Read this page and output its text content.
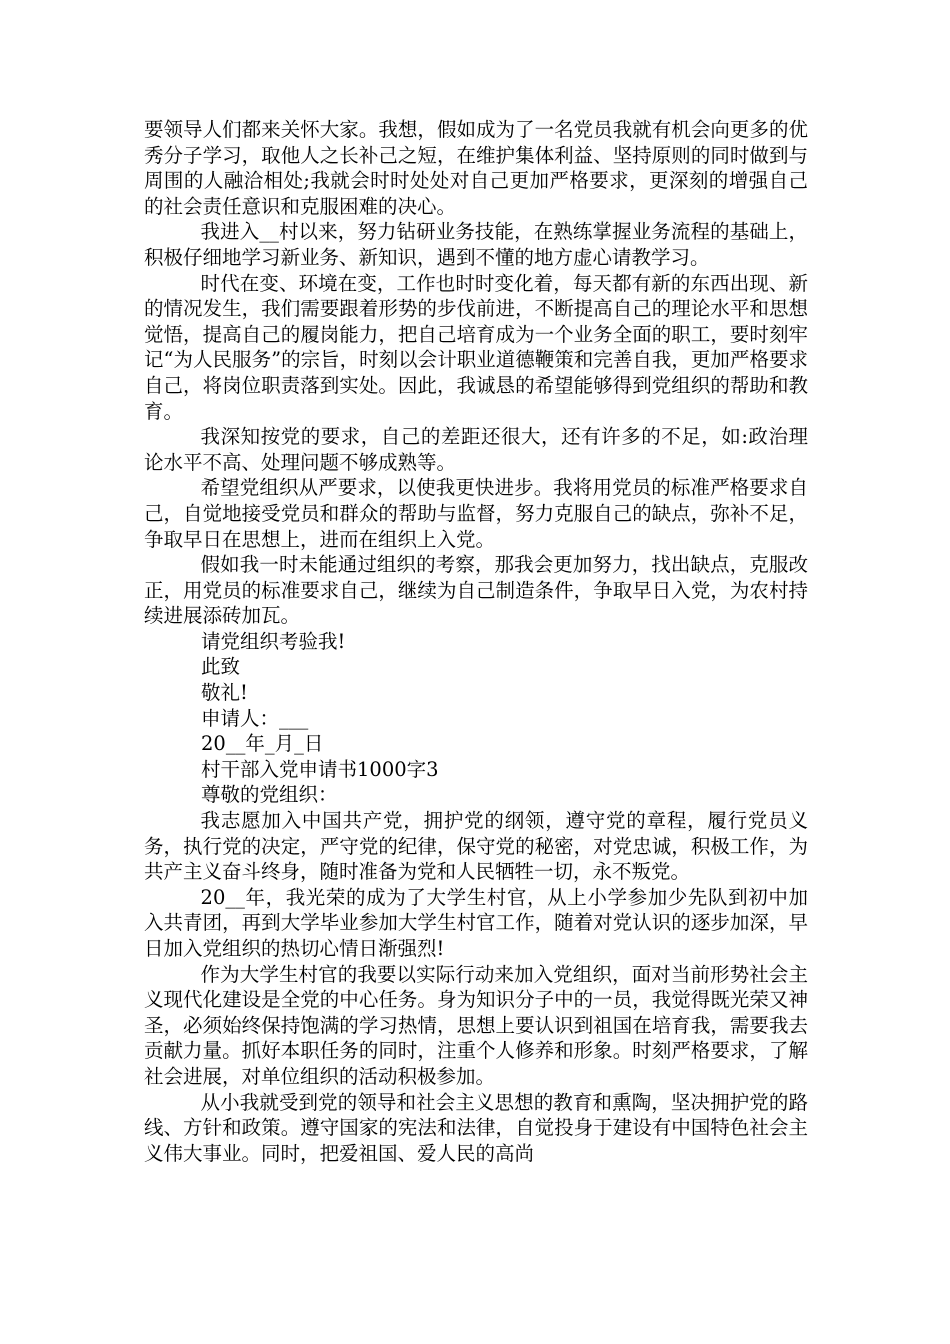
要领导人们都来关怀大家。我想，假如成为了一名党员我就有机会向更多的优秀分子学习，取他人之长补己之短，在维护集体利益、坚持原则的同时做到与周围的人融洽相处;我就会时时处处对自己更加严格要求，更深刻的增强自己的社会责任意识和克服困难的决心。

我进入__村以来，努力钻研业务技能，在熟练掌握业务流程的基础上，积极仔细地学习新业务、新知识，遇到不懂的地方虚心请教学习。

时代在变、环境在变，工作也时时变化着，每天都有新的东西出现、新的情况发生，我们需要跟着形势的步伐前进，不断提高自己的理论水平和思想觉悟，提高自己的履岗能力，把自己培育成为一个业务全面的职工，要时刻牢记“为人民服务”的宗旨，时刻以会计职业道德鞭策和完善自我，更加严格要求自己，将岗位职责落到实处。因此，我诚恳的希望能够得到党组织的帮助和教育。

我深知按党的要求，自己的差距还很大，还有许多的不足，如:政治理论水平不高、处理问题不够成熟等。

希望党组织从严要求，以使我更快进步。我将用党员的标准严格要求自己，自觉地接受党员和群众的帮助与监督，努力克服自己的缺点，弥补不足，争取早日在思想上，进而在组织上入党。

假如我一时未能通过组织的考察，那我会更加努力，找出缺点，克服改正，用党员的标准要求自己，继续为自己制造条件，争取早日入党，为农村持续进展添砖加瓦。

请党组织考验我!

此致

敬礼!

申请人：___

20__年_月_日

村干部入党申请书1000字3

尊敬的党组织：

我志愿加入中国共产党，拥护党的纲领，遵守党的章程，履行党员义务，执行党的决定，严守党的纪律，保守党的秘密，对党忠诚，积极工作，为共产主义奋斗终身，随时准备为党和人民牺牲一切，永不叛党。

20__年，我光荣的成为了大学生村官，从上小学参加少先队到初中加入共青团，再到大学毕业参加大学生村官工作，随着对党认识的逐步加深，早日加入党组织的热切心情日渐强烈!

作为大学生村官的我要以实际行动来加入党组织，面对当前形势社会主义现代化建设是全党的中心任务。身为知识分子中的一员，我觉得既光荣又神圣，必须始终保持饱满的学习热情，思想上要认识到祖国在培育我，需要我去贡献力量。抓好本职任务的同时，注重个人修养和形象。时刻严格要求，了解社会进展，对单位组织的活动积极参加。

从小我就受到党的领导和社会主义思想的教育和熏陶，坚决拥护党的路线、方针和政策。遵守国家的宪法和法律，自觉投身于建设有中国特色社会主义伟大事业。同时，把爱祖国、爱人民的高尚
